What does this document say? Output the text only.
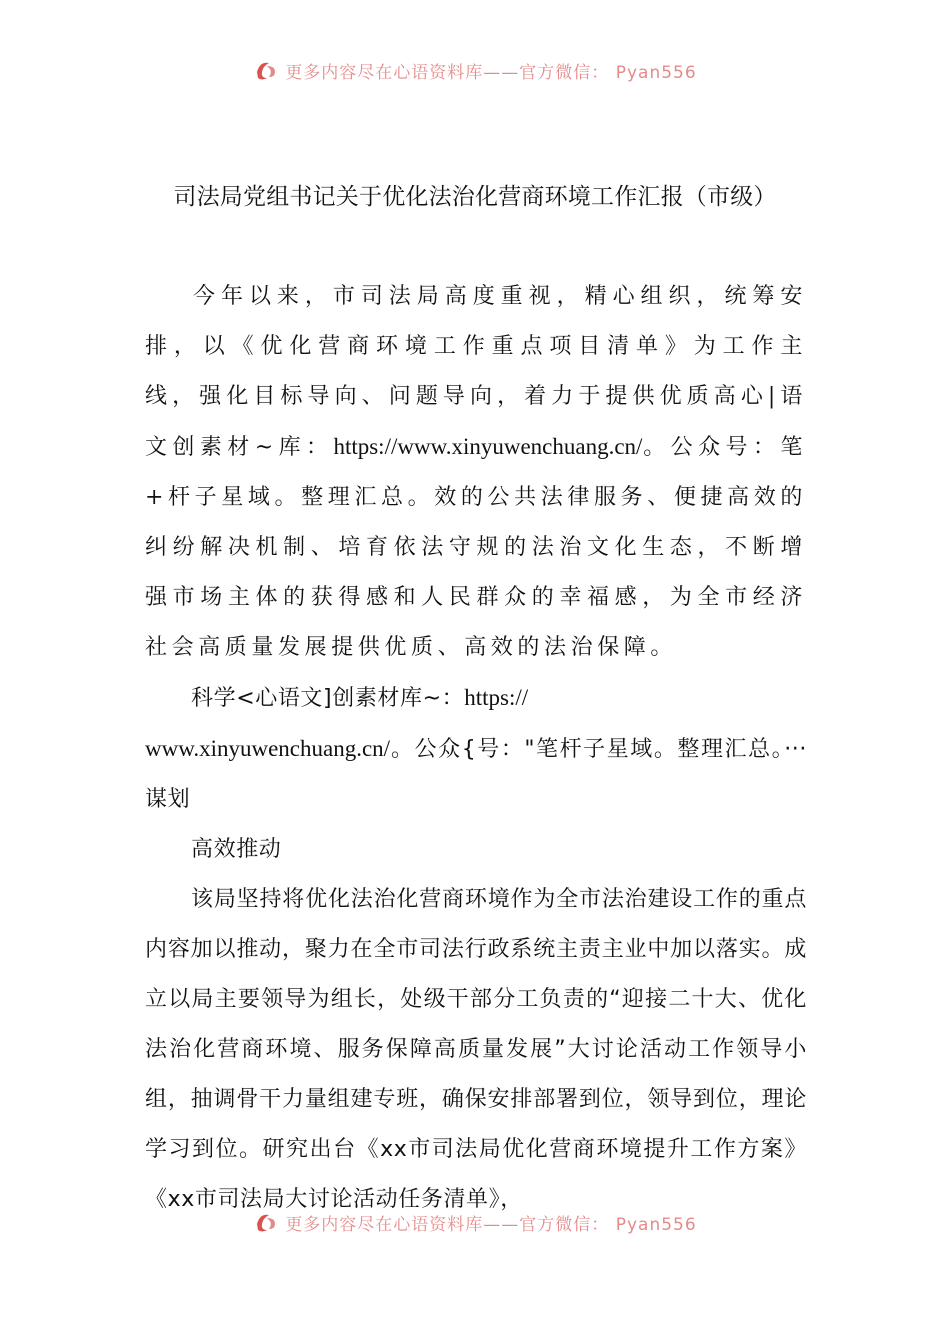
更多内容尽在心语资料库——官方微信： Pyan556
司法局党组书记关于优化法治化营商环境工作汇报（市级）

今年以来，市司法局高度重视，精心组织，统筹安排，以《优化营商环境工作重点项目清单》为工作主线，强化目标导向、问题导向，着力于提供优质高心|语文创素材~库：https://www.xinyuwenchuang.cn/。公众号：笔+杆子星域。整理汇总。效的公共法律服务、便捷高效的纠纷解决机制、培育依法守规的法治文化生态，不断增强市场主体的获得感和人民群众的幸福感，为全市经济社会高质量发展提供优质、高效的法治保障。

科学<心语文]创素材库~：https://
www.xinyuwenchuang.cn/。公众{号："笔杆子星域。整理汇总。···谋划

高效推动

该局坚持将优化法治化营商环境作为全市法治建设工作的重点内容加以推动，聚力在全市司法行政系统主责主业中加以落实。成立以局主要领导为组长，处级干部分工负责的“迎接二十大、优化法治化营商环境、服务保障高质量发展”大讨论活动工作领导小组，抽调骨干力量组建专班，确保安排部署到位，领导到位，理论学习到位。研究出台《xx市司法局优化营商环境提升工作方案》《xx市司法局大讨论活动任务清单》，

更多内容尽在心语资料库——官方微信： Pyan556
